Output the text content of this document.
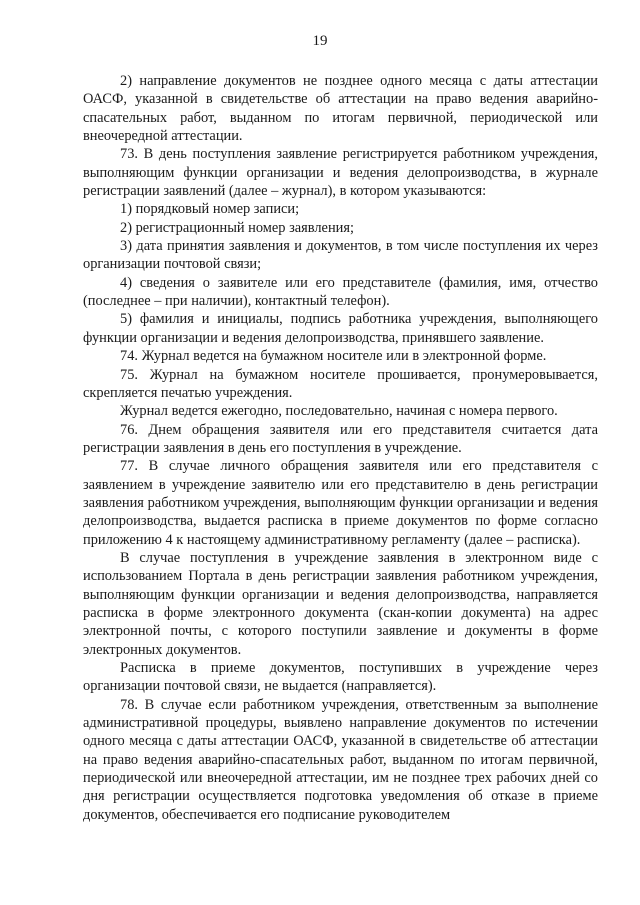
19

2) направление документов не позднее одного месяца с даты аттестации ОАСФ, указанной в свидетельстве об аттестации на право ведения аварийно-спасательных работ, выданном по итогам первичной, периодической или внеочередной аттестации.

73. В день поступления заявление регистрируется работником учреждения, выполняющим функции организации и ведения делопроизводства, в журнале регистрации заявлений (далее – журнал), в котором указываются:

1) порядковый номер записи;

2) регистрационный номер заявления;

3) дата принятия заявления и документов, в том числе поступления их через организации почтовой связи;

4) сведения о заявителе или его представителе (фамилия, имя, отчество (последнее – при наличии), контактный телефон).

5) фамилия и инициалы, подпись работника учреждения, выполняющего функции организации и ведения делопроизводства, принявшего заявление.

74. Журнал ведется на бумажном носителе или в электронной форме.

75. Журнал на бумажном носителе прошивается, пронумеровывается, скрепляется печатью учреждения.

Журнал ведется ежегодно, последовательно, начиная с номера первого.

76. Днем обращения заявителя или его представителя считается дата регистрации заявления в день его поступления в учреждение.

77. В случае личного обращения заявителя или его представителя с заявлением в учреждение заявителю или его представителю в день регистрации заявления работником учреждения, выполняющим функции организации и ведения делопроизводства, выдается расписка в приеме документов по форме согласно приложению 4 к настоящему административному регламенту (далее – расписка).

В случае поступления в учреждение заявления в электронном виде с использованием Портала в день регистрации заявления работником учреждения, выполняющим функции организации и ведения делопроизводства, направляется расписка в форме электронного документа (скан-копии документа) на адрес электронной почты, с которого поступили заявление и документы в форме электронных документов.

Расписка в приеме документов, поступивших в учреждение через организации почтовой связи, не выдается (направляется).

78. В случае если работником учреждения, ответственным за выполнение административной процедуры, выявлено направление документов по истечении одного месяца с даты аттестации ОАСФ, указанной в свидетельстве об аттестации на право ведения аварийно-спасательных работ, выданном по итогам первичной, периодической или внеочередной аттестации, им не позднее трех рабочих дней со дня регистрации осуществляется подготовка уведомления об отказе в приеме документов, обеспечивается его подписание руководителем
